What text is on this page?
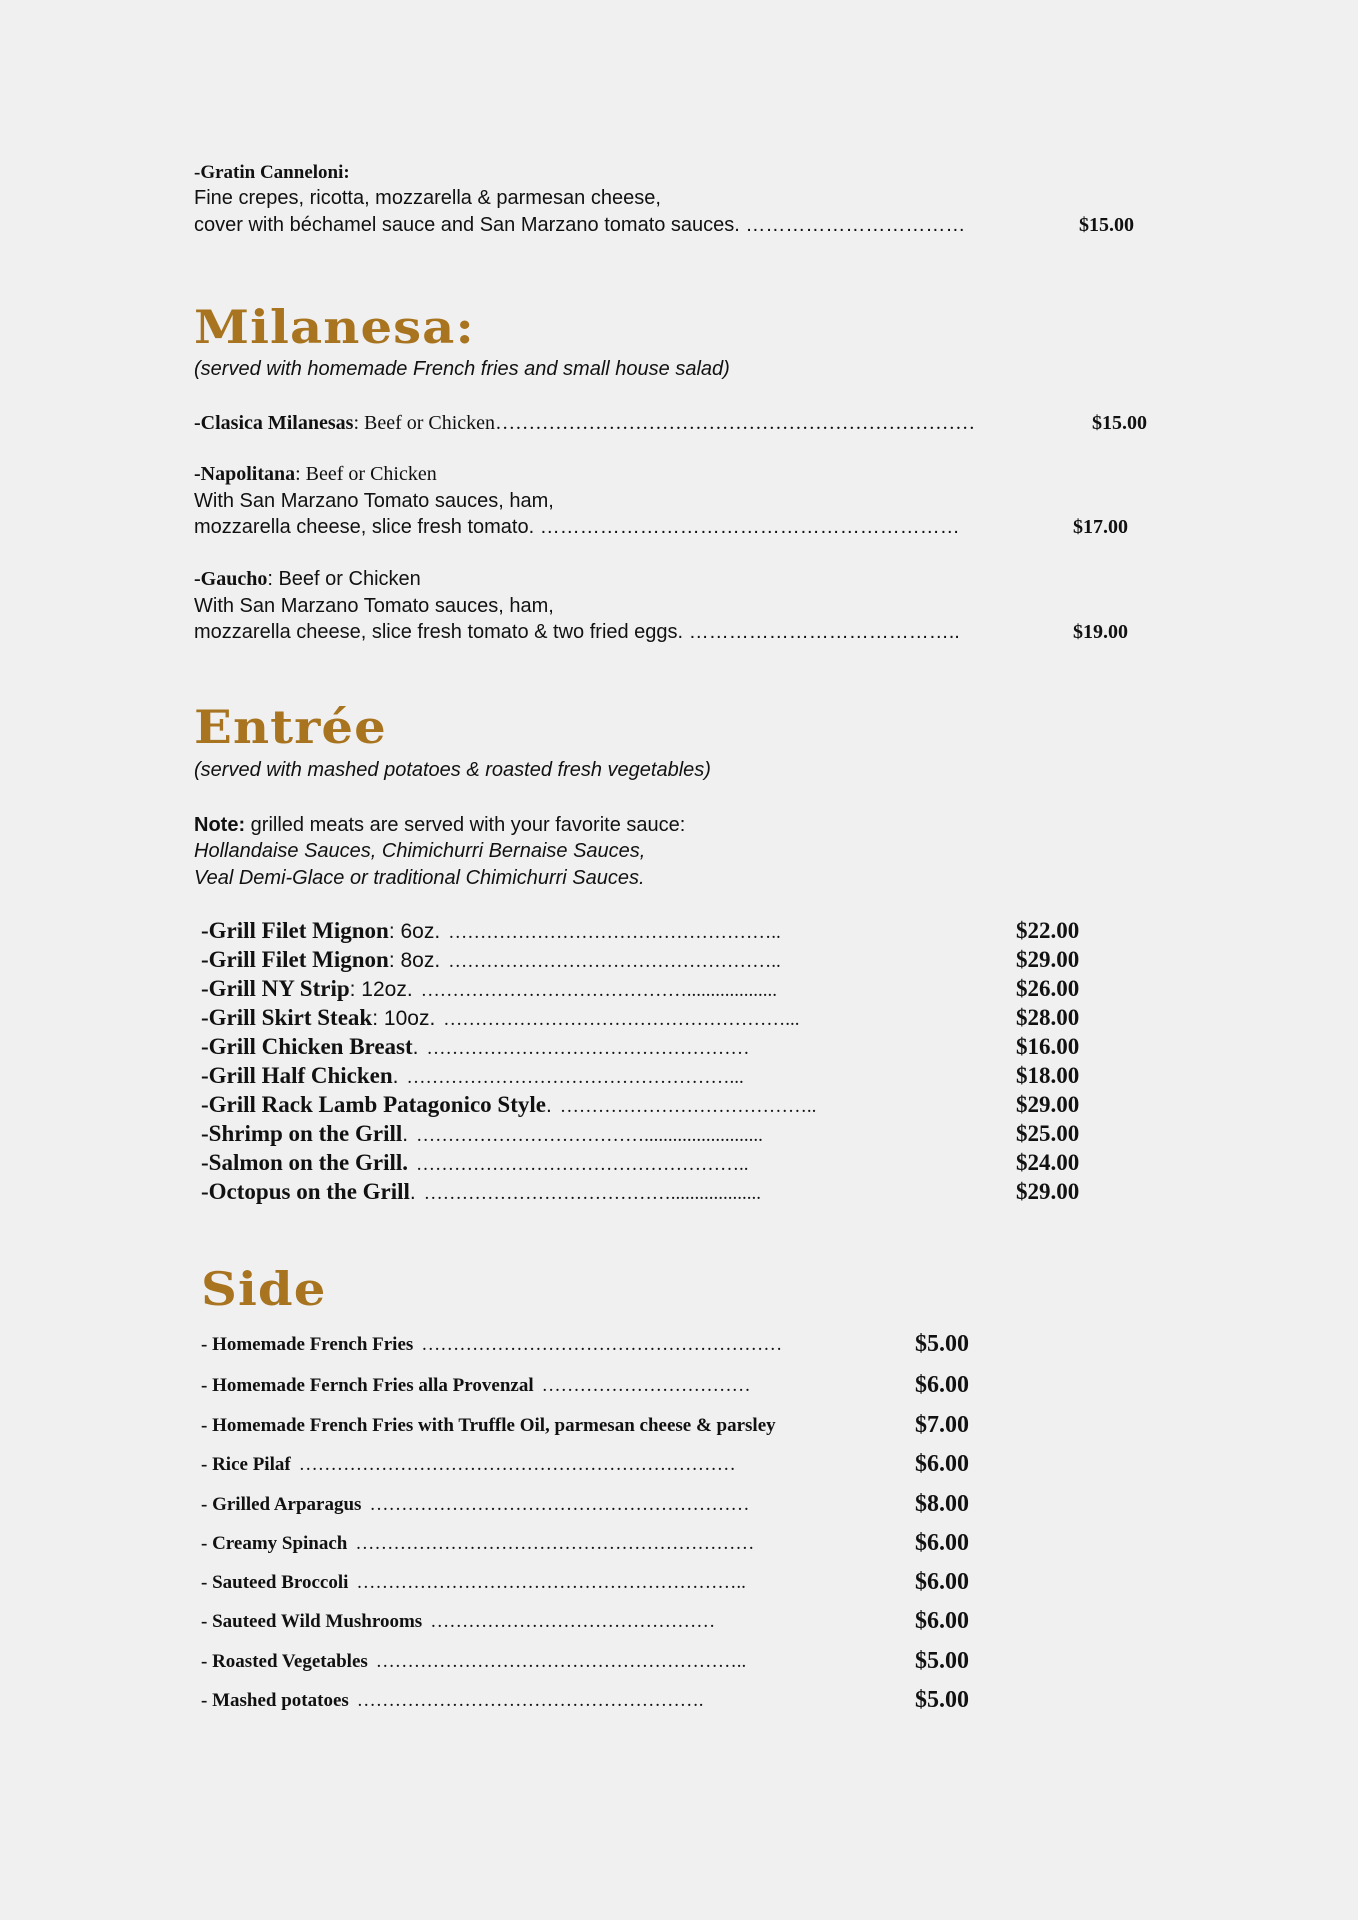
-Gratin Canneloni:
Fine crepes, ricotta, mozzarella & parmesan cheese,
cover with béchamel sauce and San Marzano tomato sauces. ……………………………	$15.00
Milanesa:
(served with homemade French fries and small house salad)
-Clasica Milanesas: Beef or Chicken………………………………………………………………	$15.00
-Napolitana: Beef or Chicken
With San Marzano Tomato sauces, ham,
mozzarella cheese, slice fresh tomato. ………………………………………………………	$17.00
-Gaucho: Beef or Chicken
With San Marzano Tomato sauces, ham,
mozzarella cheese, slice fresh tomato & two fried eggs. …………………………………..	$19.00
Entrée
(served with mashed potatoes & roasted fresh vegetables)
Note: grilled meats are served with your favorite sauce:
Hollandaise Sauces, Chimichurri Bernaise Sauces,
Veal Demi-Glace or traditional Chimichurri Sauces.
-Grill Filet Mignon: 6oz. ……………………………………………..	$22.00
-Grill Filet Mignon: 8oz. ……………………………………………..	$29.00
-Grill NY Strip: 12oz. ……………………………………...................	$26.00
-Grill Skirt Steak: 10oz. ………………………………………………...	$28.00
-Grill Chicken Breast. ……………………………………………	$16.00
-Grill Half Chicken. ……………………………………………...	$18.00
-Grill Rack Lamb Patagonico Style. …………………………………..	$29.00
-Shrimp on the Grill. ……………………………….........................	$25.00
-Salmon on the Grill. ……………………………………………..	$24.00
-Octopus on the Grill. …………………………………...................	$29.00
Side
- Homemade French Fries …………………………………………………	$5.00
- Homemade Fernch Fries alla Provenzal ……………………………	$6.00
- Homemade French Fries with Truffle Oil, parmesan cheese & parsley	$7.00
- Rice Pilaf ……………………………………………………………	$6.00
- Grilled Arparagus ……………………………………………………	$8.00
- Creamy Spinach ………………………………………………………	$6.00
- Sauteed Broccoli ……………………………………………………..	$6.00
- Sauteed Wild Mushrooms ………………………………………	$6.00
- Roasted Vegetables …………………………………………………..	$5.00
- Mashed potatoes ……………………………………………….	$5.00
